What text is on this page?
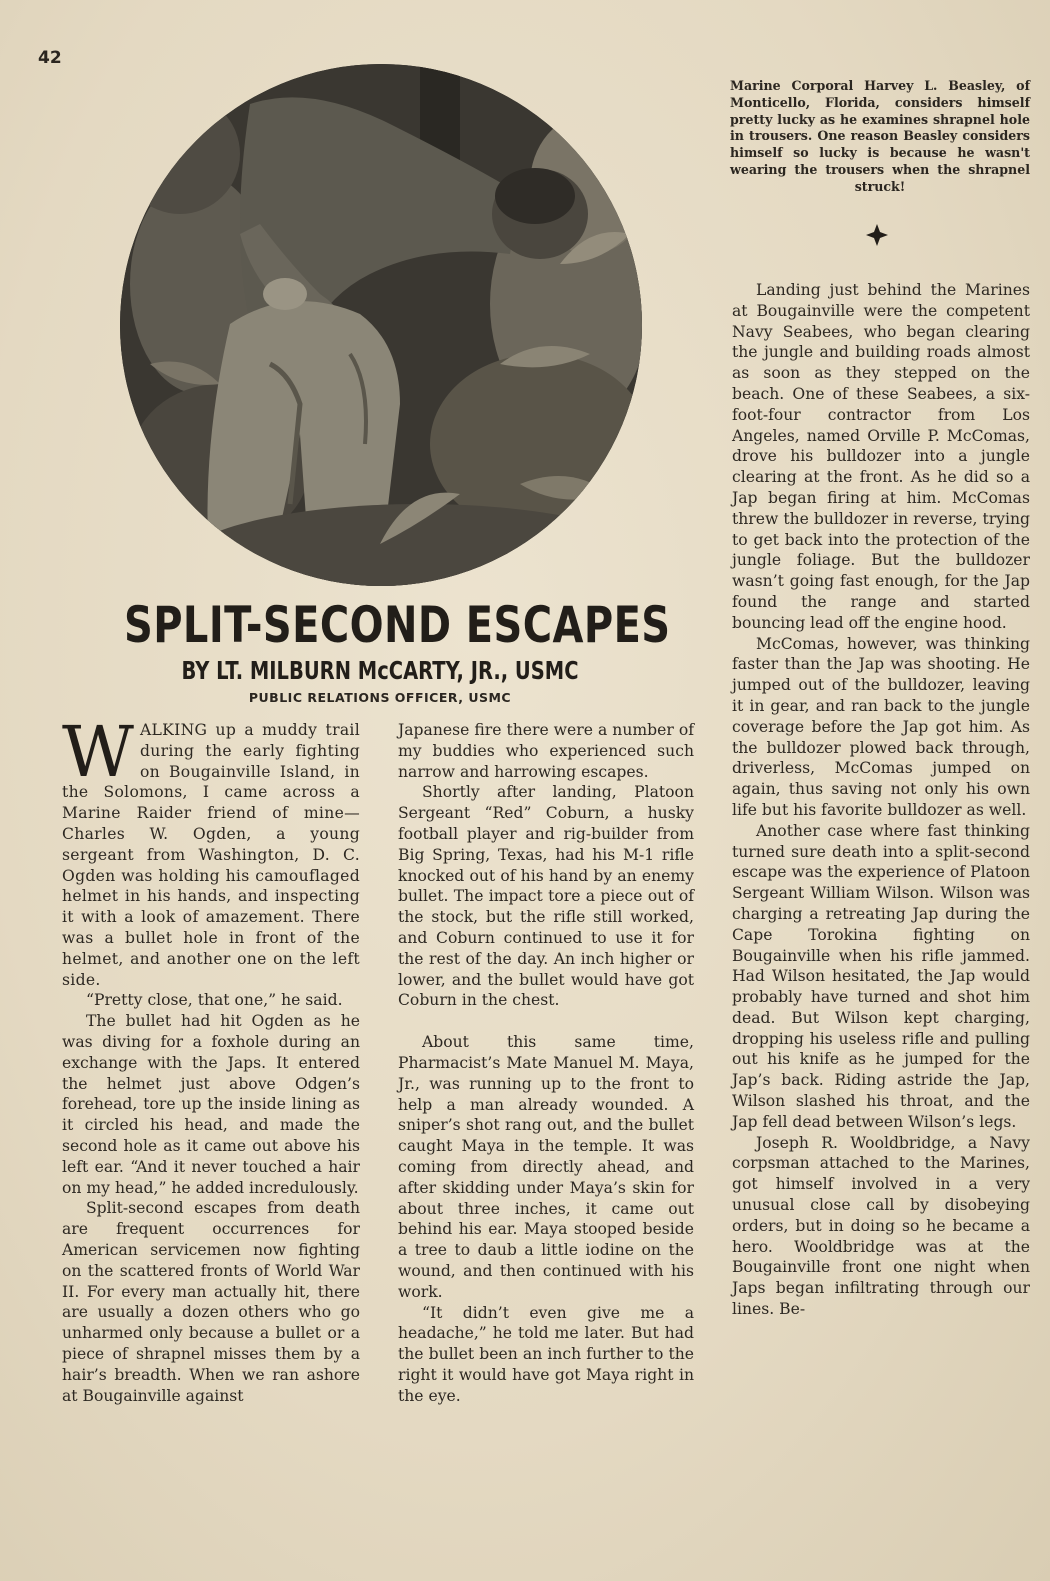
42
Marine Corporal Harvey L. Beasley, of Monticello, Florida, considers himself pretty lucky as he examines shrapnel hole in trousers. One reason Beasley considers himself so lucky is because he wasn't wearing the trousers when the shrapnel struck!
SPLIT-SECOND ESCAPES
BY LT. MILBURN McCARTY, JR., USMC
PUBLIC RELATIONS OFFICER, USMC

WALKING up a muddy trail during the early fighting on Bougainville Island, in the Solomons, I came across a Marine Raider friend of mine—Charles W. Ogden, a young sergeant from Washington, D. C. Ogden was holding his camouflaged helmet in his hands, and inspecting it with a look of amazement. There was a bullet hole in front of the helmet, and another one on the left side.

“Pretty close, that one,” he said.

The bullet had hit Ogden as he was diving for a foxhole during an exchange with the Japs. It entered the helmet just above Odgen’s forehead, tore up the inside lining as it circled his head, and made the second hole as it came out above his left ear. “And it never touched a hair on my head,” he added incredulously.

Split-second escapes from death are frequent occurrences for American servicemen now fighting on the scattered fronts of World War II. For every man actually hit, there are usually a dozen others who go unharmed only because a bullet or a piece of shrapnel misses them by a hair’s breadth. When we ran ashore at Bougainville against

Japanese fire there were a number of my buddies who experienced such narrow and harrowing escapes.

Shortly after landing, Platoon Sergeant “Red” Coburn, a husky football player and rig-builder from Big Spring, Texas, had his M-1 rifle knocked out of his hand by an enemy bullet. The impact tore a piece out of the stock, but the rifle still worked, and Coburn continued to use it for the rest of the day. An inch higher or lower, and the bullet would have got Coburn in the chest.

About this same time, Pharmacist’s Mate Manuel M. Maya, Jr., was running up to the front to help a man already wounded. A sniper’s shot rang out, and the bullet caught Maya in the temple. It was coming from directly ahead, and after skidding under Maya’s skin for about three inches, it came out behind his ear. Maya stooped beside a tree to daub a little iodine on the wound, and then continued with his work.

“It didn’t even give me a headache,” he told me later. But had the bullet been an inch further to the right it would have got Maya right in the eye.

Landing just behind the Marines at Bougainville were the competent Navy Seabees, who began clearing the jungle and building roads almost as soon as they stepped on the beach. One of these Seabees, a six-foot-four contractor from Los Angeles, named Orville P. McComas, drove his bulldozer into a jungle clearing at the front. As he did so a Jap began firing at him. McComas threw the bulldozer in reverse, trying to get back into the protection of the jungle foliage. But the bulldozer wasn’t going fast enough, for the Jap found the range and started bouncing lead off the engine hood.

McComas, however, was thinking faster than the Jap was shooting. He jumped out of the bulldozer, leaving it in gear, and ran back to the jungle coverage before the Jap got him. As the bulldozer plowed back through, driverless, McComas jumped on again, thus saving not only his own life but his favorite bulldozer as well.

Another case where fast thinking turned sure death into a split-second escape was the experience of Platoon Sergeant William Wilson. Wilson was charging a retreating Jap during the Cape Torokina fighting on Bougainville when his rifle jammed. Had Wilson hesitated, the Jap would probably have turned and shot him dead. But Wilson kept charging, dropping his useless rifle and pulling out his knife as he jumped for the Jap’s back. Riding astride the Jap, Wilson slashed his throat, and the Jap fell dead between Wilson’s legs.

Joseph R. Wooldbridge, a Navy corpsman attached to the Marines, got himself involved in a very unusual close call by disobeying orders, but in doing so he became a hero. Wooldbridge was at the Bougainville front one night when Japs began infiltrating through our lines. Be-
